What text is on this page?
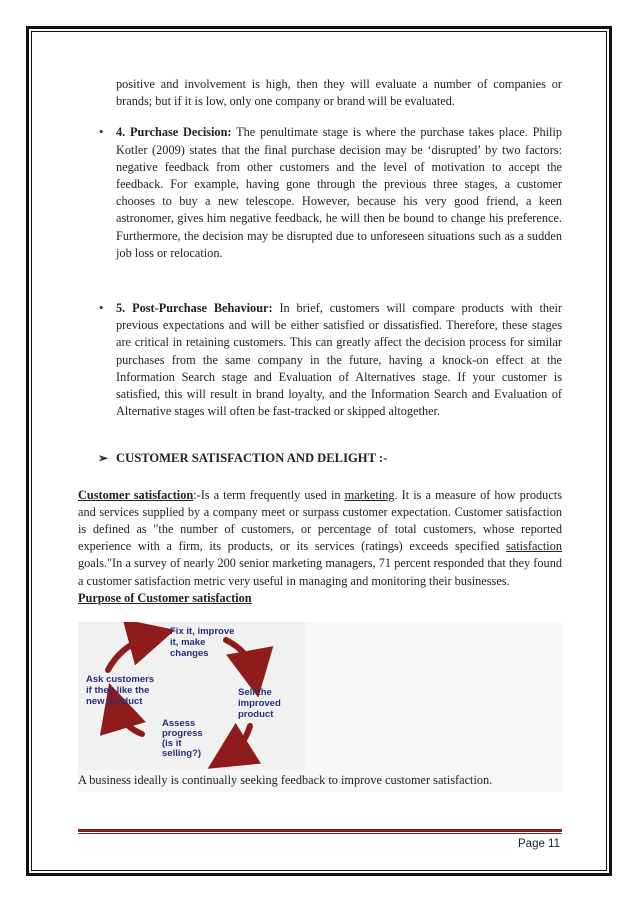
positive and involvement is high, then they will evaluate a number of companies or brands; but if it is low, only one company or brand will be evaluated.

• 4. Purchase Decision: The penultimate stage is where the purchase takes place. Philip Kotler (2009) states that the final purchase decision may be ‘disrupted’ by two factors: negative feedback from other customers and the level of motivation to accept the feedback. For example, having gone through the previous three stages, a customer chooses to buy a new telescope. However, because his very good friend, a keen astronomer, gives him negative feedback, he will then be bound to change his preference. Furthermore, the decision may be disrupted due to unforeseen situations such as a sudden job loss or relocation.
• 5. Post-Purchase Behaviour: In brief, customers will compare products with their previous expectations and will be either satisfied or dissatisfied. Therefore, these stages are critical in retaining customers. This can greatly affect the decision process for similar purchases from the same company in the future, having a knock-on effect at the Information Search stage and Evaluation of Alternatives stage. If your customer is satisfied, this will result in brand loyalty, and the Information Search and Evaluation of Alternative stages will often be fast-tracked or skipped altogether.
➢ CUSTOMER SATISFACTION AND DELIGHT :-

Customer satisfaction:-Is a term frequently used in marketing. It is a measure of how products and services supplied by a company meet or surpass customer expectation. Customer satisfaction is defined as "the number of customers, or percentage of total customers, whose reported experience with a firm, its products, or its services (ratings) exceeds specified satisfaction goals."In a survey of nearly 200 senior marketing managers, 71 percent responded that they found a customer satisfaction metric very useful in managing and monitoring their businesses.

Purpose of Customer satisfaction

Fix it, improve it, make changes
Sell the improved product
Assess progress (is it selling?)
Ask customers if they like the new product

A business ideally is continually seeking feedback to improve customer satisfaction.

Page 11
